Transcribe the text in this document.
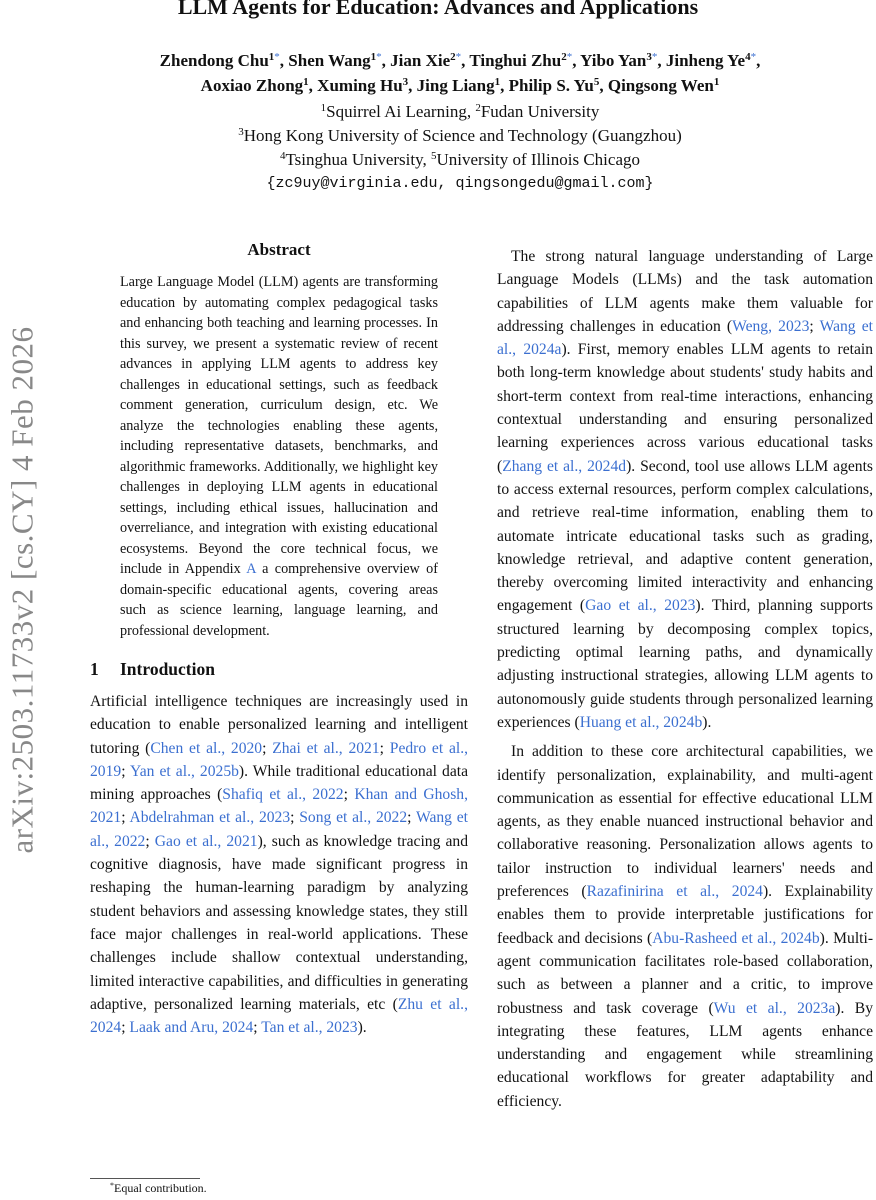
arXiv:2503.11733v2 [cs.CY] 4 Feb 2026
LLM Agents for Education: Advances and Applications
Zhendong Chu$^{1*}$, Shen Wang$^{1*}$, Jian Xie$^{2*}$, Tinghui Zhu$^{2*}$, Yibo Yan$^{3*}$, Jinheng $Ye^{4*}$,
Aoxiao Zhong$^1$, Xuming Hu$^3$, Jing Liang$^1$, Philip S. Yu$^5$, Qingsong Wen$^1$
$^1$Squirrel Ai Learning, $^2$Fudan University
$^3$Hong Kong University of Science and Technology (Guangzhou)
$^4$Tsinghua University, $^5$University of Illinois Chicago
{zc9uy@virginia.edu, qingsongedu@gmail.com}
Abstract

Large Language Model (LLM) agents are transforming education by automating complex pedagogical tasks and enhancing both teaching and learning processes. In this survey, we present a systematic review of recent advances in applying LLM agents to address key challenges in educational settings, such as feedback comment generation, curriculum design, etc. We analyze the technologies enabling these agents, including representative datasets, benchmarks, and algorithmic frameworks. Additionally, we highlight key challenges in deploying LLM agents in educational settings, including ethical issues, hallucination and overreliance, and integration with existing educational ecosystems. Beyond the core technical focus, we include in Appendix A a comprehensive overview of domain-specific educational agents, covering areas such as science learning, language learning, and professional development.

1 Introduction

Artificial intelligence techniques are increasingly used in education to enable personalized learning and intelligent tutoring (Chen et al., 2020; Zhai et al., 2021; Pedro et al., 2019; Yan et al., 2025b). While traditional educational data mining approaches (Shafiq et al., 2022; Khan and Ghosh, 2021; Abdelrahman et al., 2023; Song et al., 2022; Wang et al., 2022; Gao et al., 2021), such as knowledge tracing and cognitive diagnosis, have made significant progress in reshaping the human-learning paradigm by analyzing student behaviors and assessing knowledge states, they still face major challenges in real-world applications. These challenges include shallow contextual understanding, limited interactive capabilities, and difficulties in generating adaptive, personalized learning materials, etc (Zhu et al., 2024; Laak and Aru, 2024; Tan et al., 2023).

The strong natural language understanding of Large Language Models (LLMs) and the task automation capabilities of LLM agents make them valuable for addressing challenges in education (Weng, 2023; Wang et al., 2024a). First, memory enables LLM agents to retain both long-term knowledge about students' study habits and short-term context from real-time interactions, enhancing contextual understanding and ensuring personalized learning experiences across various educational tasks (Zhang et al., 2024d). Second, tool use allows LLM agents to access external resources, perform complex calculations, and retrieve real-time information, enabling them to automate intricate educational tasks such as grading, knowledge retrieval, and adaptive content generation, thereby overcoming limited interactivity and enhancing engagement (Gao et al., 2023). Third, planning supports structured learning by decomposing complex topics, predicting optimal learning paths, and dynamically adjusting instructional strategies, allowing LLM agents to autonomously guide students through personalized learning experiences (Huang et al., 2024b).

In addition to these core architectural capabilities, we identify personalization, explainability, and multi-agent communication as essential for effective educational LLM agents, as they enable nuanced instructional behavior and collaborative reasoning. Personalization allows agents to tailor instruction to individual learners' needs and preferences (Razafinirina et al., 2024). Explainability enables them to provide interpretable justifications for feedback and decisions (Abu-Rasheed et al., 2024b). Multi-agent communication facilitates role-based collaboration, such as between a planner and a critic, to improve robustness and task coverage (Wu et al., 2023a). By integrating these features, LLM agents enhance understanding and engagement while streamlining educational workflows for greater adaptability and efficiency.

*Equal contribution.
